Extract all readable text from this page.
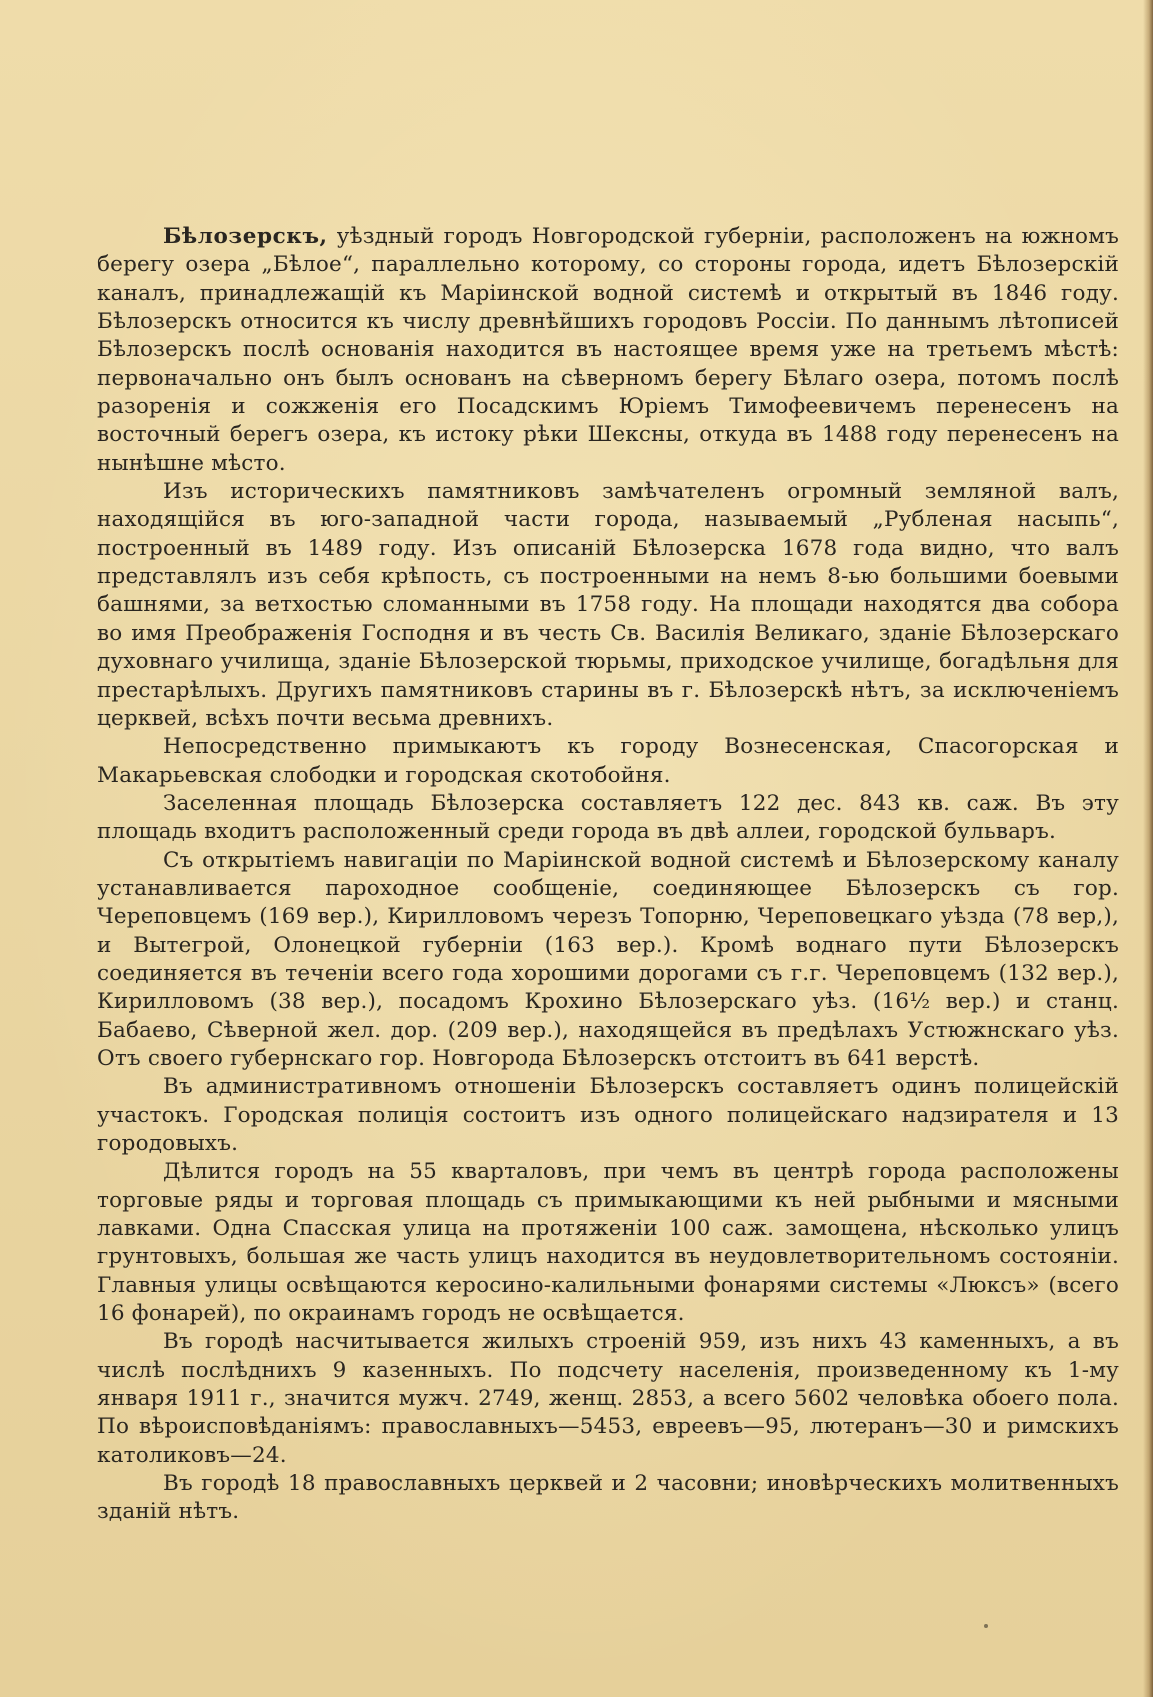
Бѣлозерскъ, уѣздный городъ Новгородской губерніи, расположенъ на южномъ берегу озера „Бѣлое“, параллельно которому, со стороны города, идетъ Бѣлозерскій каналъ, принадлежащій къ Маріинской водной системѣ и открытый въ 1846 году. Бѣлозерскъ относится къ числу древнѣйшихъ городовъ Россіи. По даннымъ лѣтописей Бѣлозерскъ послѣ основанія находится въ настоящее время уже на третьемъ мѣстѣ: первоначально онъ былъ основанъ на сѣверномъ берегу Бѣлаго озера, потомъ послѣ разоренія и сожженія его Посадскимъ Юріемъ Тимофеевичемъ перенесенъ на восточный берегъ озера, къ истоку рѣки Шексны, откуда въ 1488 году перенесенъ на нынѣшне мѣсто.

Изъ историческихъ памятниковъ замѣчателенъ огромный земляной валъ, находящійся въ юго-западной части города, называемый „Рубленая насыпь“, построенный въ 1489 году. Изъ описаній Бѣлозерска 1678 года видно, что валъ представлялъ изъ себя крѣпость, съ построенными на немъ 8-ью большими боевыми башнями, за ветхостью сломанными въ 1758 году. На площади находятся два собора во имя Преображенія Господня и въ честь Св. Василія Великаго, зданіе Бѣлозерскаго духовнаго училища, зданіе Бѣлозерской тюрьмы, приходское училище, богадѣльня для престарѣлыхъ. Другихъ памятниковъ старины въ г. Бѣлозерскѣ нѣтъ, за исключеніемъ церквей, всѣхъ почти весьма древнихъ.

Непосредственно примыкаютъ къ городу Вознесенская, Спасогорская и Макарьевская слободки и городская скотобойня.

Заселенная площадь Бѣлозерска составляетъ 122 дес. 843 кв. саж. Въ эту площадь входитъ расположенный среди города въ двѣ аллеи, городской бульваръ.

Съ открытіемъ навигаціи по Маріинской водной системѣ и Бѣлозерскому каналу устанавливается пароходное сообщеніе, соединяющее Бѣлозерскъ съ гор. Череповцемъ (169 вер.), Кирилловомъ черезъ Топорню, Череповецкаго уѣзда (78 вер,), и Вытегрой, Олонецкой губерніи (163 вер.). Кромѣ воднаго пути Бѣлозерскъ соединяется въ теченіи всего года хорошими дорогами съ г.г. Череповцемъ (132 вер.), Кирилловомъ (38 вер.), посадомъ Крохино Бѣлозерскаго уѣз. (16½ вер.) и станц. Бабаево, Сѣверной жел. дор. (209 вер.), находящейся въ предѣлахъ Устюжнскаго уѣз. Отъ своего губернскаго гор. Новгорода Бѣлозерскъ отстоитъ въ 641 верстѣ.

Въ административномъ отношеніи Бѣлозерскъ составляетъ одинъ полицейскій участокъ. Городская полиція состоитъ изъ одного полицейскаго надзирателя и 13 городовыхъ.

Дѣлится городъ на 55 кварталовъ, при чемъ въ центрѣ города расположены торговые ряды и торговая площадь съ примыкающими къ ней рыбными и мясными лавками. Одна Спасская улица на протяженіи 100 саж. замощена, нѣсколько улицъ грунтовыхъ, большая же часть улицъ находится въ неудовлетворительномъ состояніи. Главныя улицы освѣщаются керосино-калильными фонарями системы «Люксъ» (всего 16 фонарей), по окраинамъ городъ не освѣщается.

Въ городѣ насчитывается жилыхъ строеній 959, изъ нихъ 43 каменныхъ, а въ числѣ послѣднихъ 9 казенныхъ. По подсчету населенія, произведенному къ 1-му января 1911 г., значится мужч. 2749, женщ. 2853, а всего 5602 человѣка обоего пола. По вѣроисповѣданіямъ: православныхъ—5453, евреевъ—95, лютеранъ—30 и римскихъ католиковъ—24.

Въ городѣ 18 православныхъ церквей и 2 часовни; иновѣрческихъ молитвенныхъ зданій нѣтъ.
